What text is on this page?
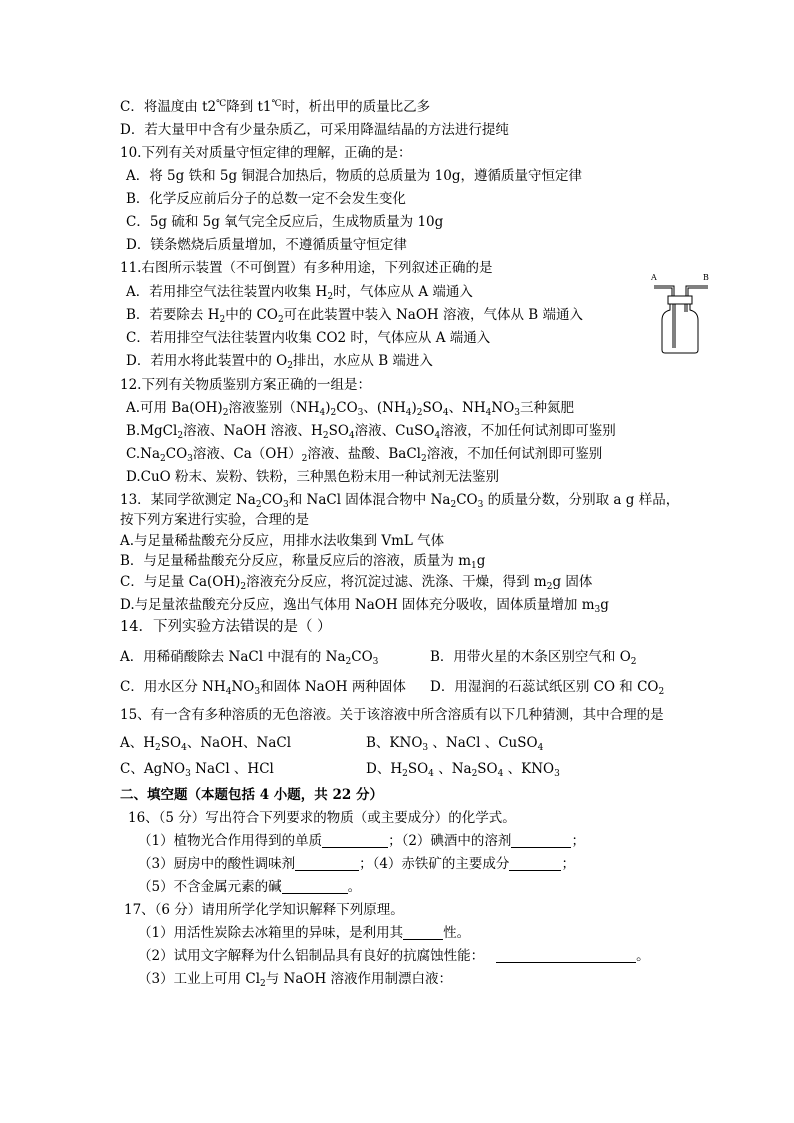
C．将温度由 t2℃降到 t1℃时，析出甲的质量比乙多
D．若大量甲中含有少量杂质乙，可采用降温结晶的方法进行提纯
10.下列有关对质量守恒定律的理解，正确的是：
A．将 5g 铁和 5g 铜混合加热后，物质的总质量为 10g，遵循质量守恒定律
B．化学反应前后分子的总数一定不会发生变化
C．5g 硫和 5g 氧气完全反应后，生成物质量为 10g
D．镁条燃烧后质量增加，不遵循质量守恒定律
11.右图所示装置（不可倒置）有多种用途，下列叙述正确的是
A．若用排空气法往装置内收集 $H_2$时，气体应从 A 端通入
B．若要除去 $H_2$中的 $CO_2$可在此装置中装入 NaOH 溶液，气体从 B 端通入
C．若用排空气法往装置内收集 CO2 时，气体应从 A 端通入
D．若用水将此装置中的 $O_2$排出，水应从 B 端进入
A	B
12.下列有关物质鉴别方案正确的一组是：
A.可用 $Ba(OH)_2$溶液鉴别$(NH_4)_2CO_3$、$(NH_4)_2SO_4$、$NH_4NO_3$三种氮肥
B.MgCl$_2$溶液、NaOH 溶液、$H_2SO_4$溶液、CuSO$_4$溶液，不加任何试剂即可鉴别
$C.Na_2CO_3$溶液、$Ca(OH)_2$溶液、盐酸、BaCl$_2$溶液，不加任何试剂即可鉴别
D.CuO 粉末、炭粉、铁粉，三种黑色粉末用一种试剂无法鉴别
13．某同学欲测定 $Na_2CO_3$和 NaCl 固体混合物中 $Na_2CO_3$ 的质量分数，分别取 a g 样品，
按下列方案进行实验，合理的是
A.与足量稀盐酸充分反应，用排水法收集到 VmL 气体
B．与足量稀盐酸充分反应，称量反应后的溶液，质量为 $m_1g$
C．与足量 $Ca(OH)_2$溶液充分反应，将沉淀过滤、洗涤、干燥，得到 $m_2g$ 固体
D.与足量浓盐酸充分反应，逸出气体用 NaOH 固体充分吸收，固体质量增加 $m_3g$
14．下列实验方法错误的是（ ）
A．用稀硝酸除去 NaCl 中混有的 $Na_2CO_3$	B．用带火星的木条区别空气和 $O_2$
C．用水区分 $NH_4NO_3$和固体 NaOH 两种固体 D．用湿润的石蕊试纸区别 CO 和 $CO_2$
15、有一含有多种溶质的无色溶液。关于该溶液中所含溶质有以下几种猜测，其中合理的是
A、$H_2SO_4$、NaOH、NaCl	B、$KNO_3$ 、NaCl 、CuSO$_4$
C、AgNO$_3$ NaCl 、HCl	D、$H_2SO_4$ 、$Na_2SO_4$ 、$KNO_3$
二、填空题（本题包括 4 小题，共 22 分）
16、（5 分）写出符合下列要求的物质（或主要成分）的化学式。
（1）植物光合作用得到的单质	；（2）碘酒中的溶剂	；
（3）厨房中的酸性调味剂	；（4）赤铁矿的主要成分	；
（5）不含金属元素的碱	。
17、（6 分）请用所学化学知识解释下列原理。
（1）用活性炭除去冰箱里的异味，是利用其	性。
（2）试用文字解释为什么铝制品具有良好的抗腐蚀性能：	。
（3）工业上可用 $Cl_2$与 NaOH 溶液作用制漂白液：
